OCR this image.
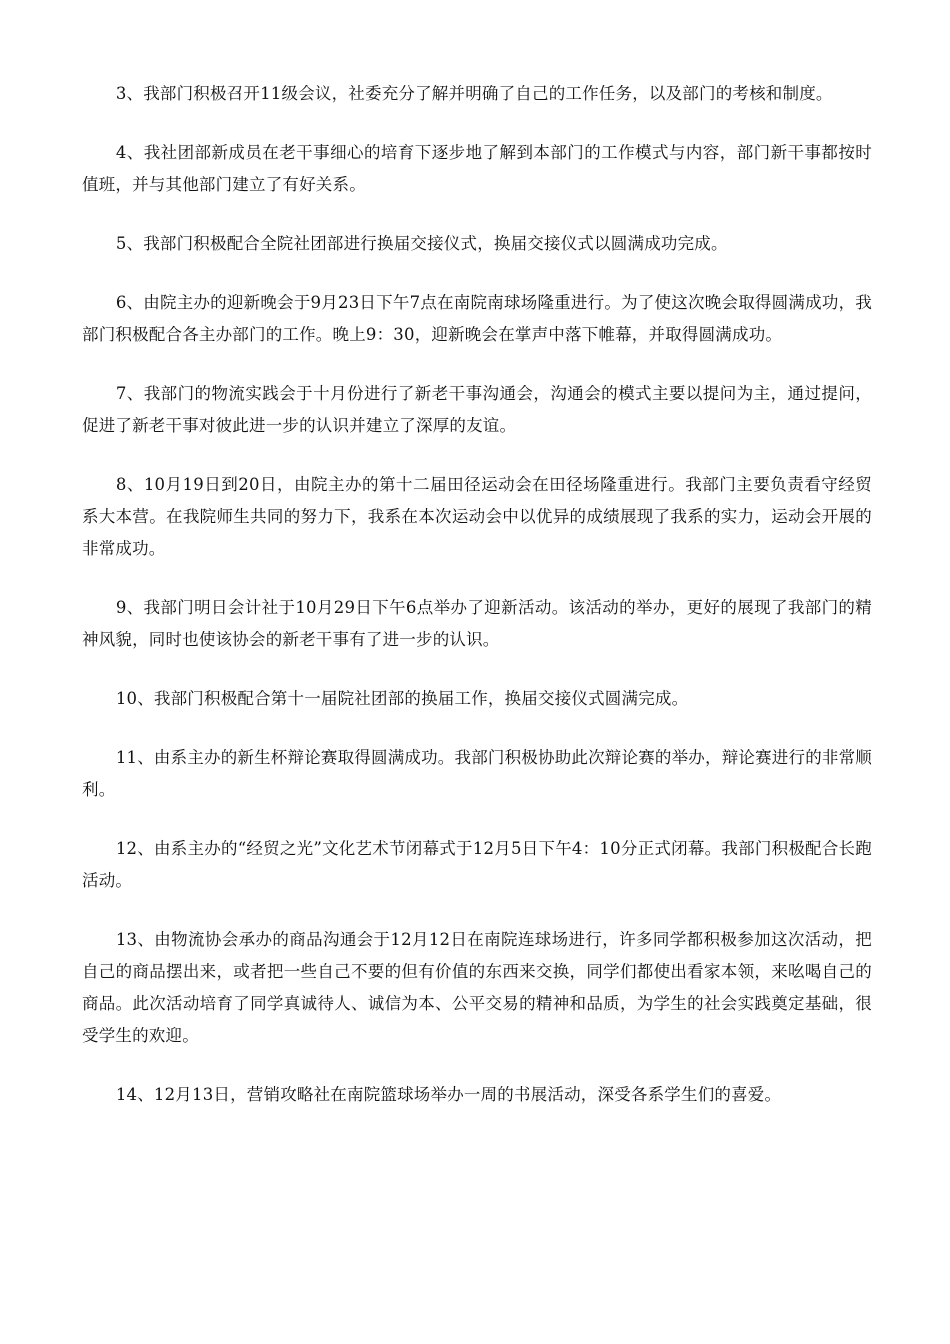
3、我部门积极召开11级会议，社委充分了解并明确了自己的工作任务，以及部门的考核和制度。

4、我社团部新成员在老干事细心的培育下逐步地了解到本部门的工作模式与内容，部门新干事都按时值班，并与其他部门建立了有好关系。

5、我部门积极配合全院社团部进行换届交接仪式，换届交接仪式以圆满成功完成。

6、由院主办的迎新晚会于9月23日下午7点在南院南球场隆重进行。为了使这次晚会取得圆满成功，我部门积极配合各主办部门的工作。晚上9：30，迎新晚会在掌声中落下帷幕，并取得圆满成功。

7、我部门的物流实践会于十月份进行了新老干事沟通会，沟通会的模式主要以提问为主，通过提问，促进了新老干事对彼此进一步的认识并建立了深厚的友谊。

8、10月19日到20日，由院主办的第十二届田径运动会在田径场隆重进行。我部门主要负责看守经贸系大本营。在我院师生共同的努力下，我系在本次运动会中以优异的成绩展现了我系的实力，运动会开展的非常成功。

9、我部门明日会计社于10月29日下午6点举办了迎新活动。该活动的举办，更好的展现了我部门的精神风貌，同时也使该协会的新老干事有了进一步的认识。

10、我部门积极配合第十一届院社团部的换届工作，换届交接仪式圆满完成。

11、由系主办的新生杯辩论赛取得圆满成功。我部门积极协助此次辩论赛的举办，辩论赛进行的非常顺利。

12、由系主办的“经贸之光”文化艺术节闭幕式于12月5日下午4：10分正式闭幕。我部门积极配合长跑活动。

13、由物流协会承办的商品沟通会于12月12日在南院连球场进行，许多同学都积极参加这次活动，把自己的商品摆出来，或者把一些自己不要的但有价值的东西来交换，同学们都使出看家本领，来吆喝自己的商品。此次活动培育了同学真诚待人、诚信为本、公平交易的精神和品质，为学生的社会实践奠定基础，很受学生的欢迎。

14、12月13日，营销攻略社在南院篮球场举办一周的书展活动，深受各系学生们的喜爱。
